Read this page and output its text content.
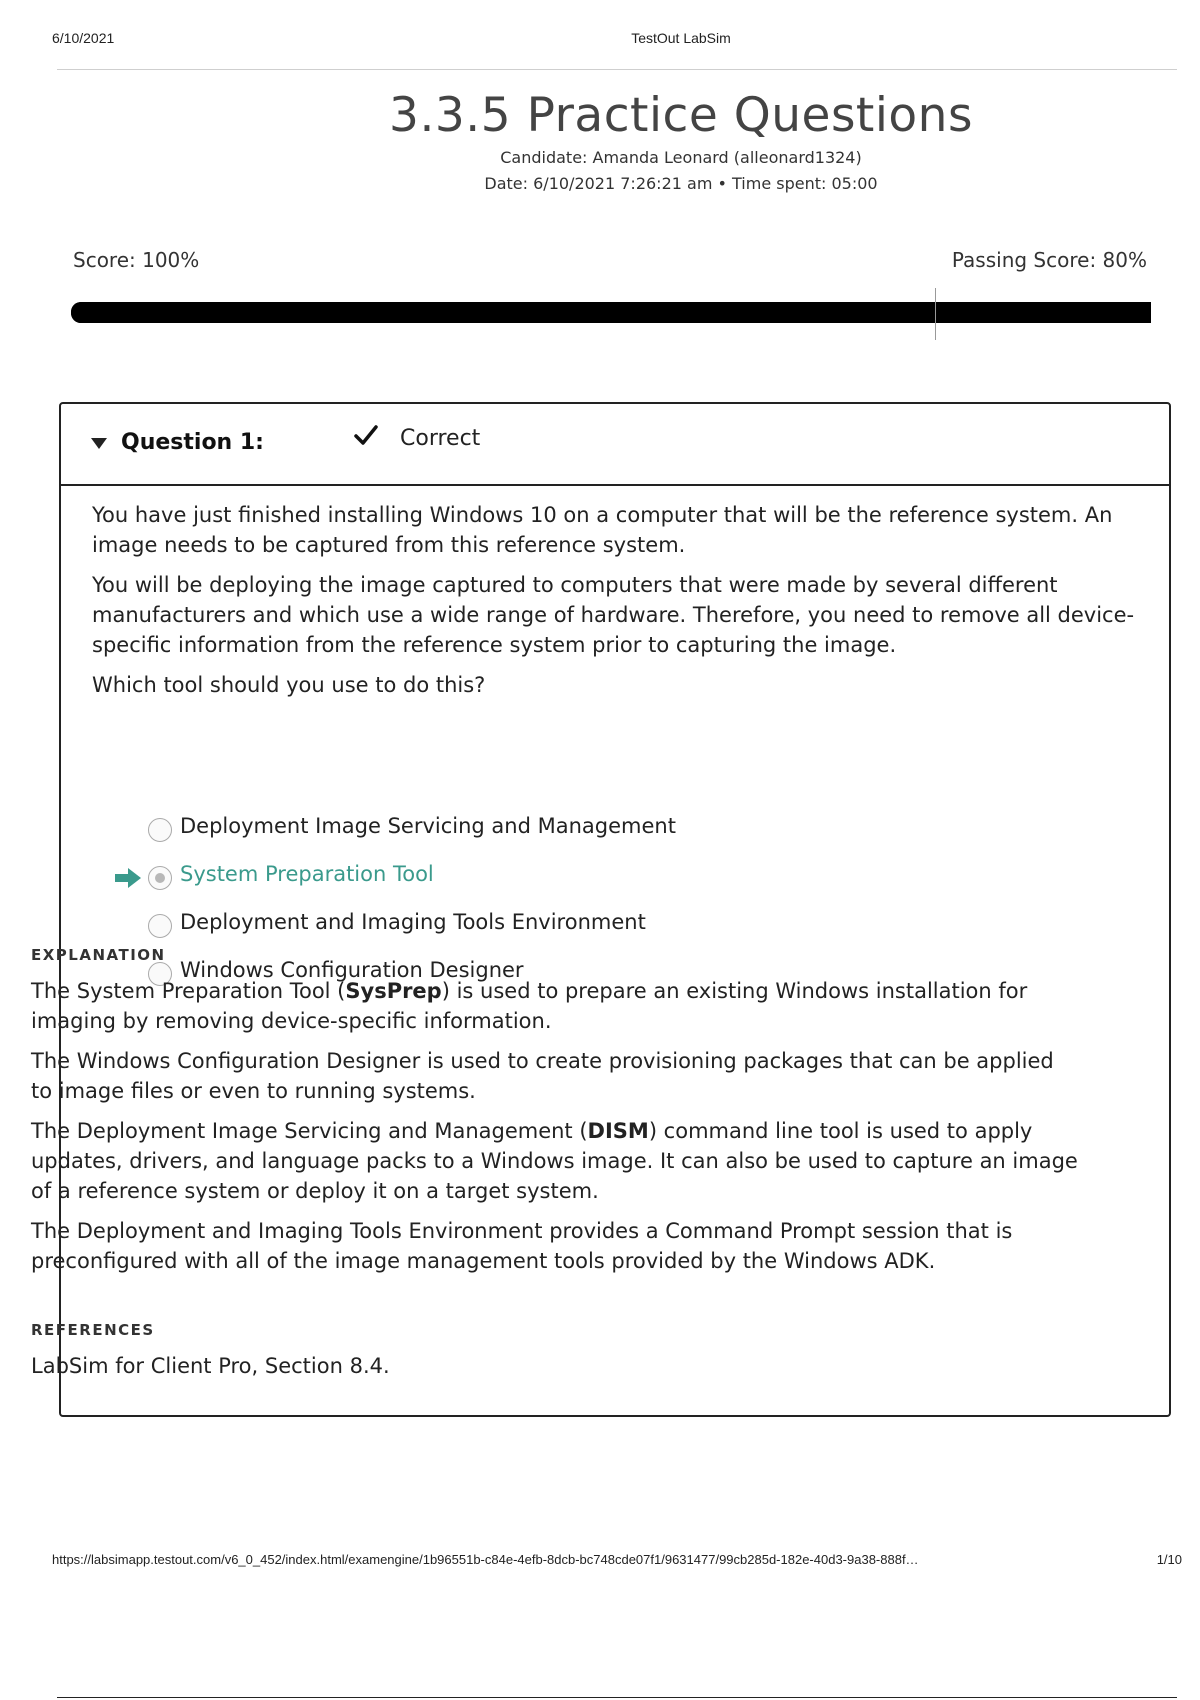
6/10/2021	TestOut LabSim
3.3.5 Practice Questions
Candidate: Amanda Leonard (alleonard1324)
Date: 6/10/2021 7:26:21 am • Time spent: 05:00
Score: 100%	Passing Score: 80%
Question 1:	Correct

You have just finished installing Windows 10 on a computer that will be the reference system. An image needs to be captured from this reference system.

You will be deploying the image captured to computers that were made by several different manufacturers and which use a wide range of hardware. Therefore, you need to remove all device-specific information from the reference system prior to capturing the image.

Which tool should you use to do this?

Deployment Image Servicing and Management
System Preparation Tool
Deployment and Imaging Tools Environment
Windows Configuration Designer
EXPLANATION

The System Preparation Tool (SysPrep) is used to prepare an existing Windows installation for imaging by removing device-specific information.

The Windows Configuration Designer is used to create provisioning packages that can be applied to image files or even to running systems.

The Deployment Image Servicing and Management (DISM) command line tool is used to apply updates, drivers, and language packs to a Windows image. It can also be used to capture an image of a reference system or deploy it on a target system.

The Deployment and Imaging Tools Environment provides a Command Prompt session that is preconfigured with all of the image management tools provided by the Windows ADK.

REFERENCES

LabSim for Client Pro, Section 8.4.

https://labsimapp.testout.com/v6_0_452/index.html/examengine/1b96551b-c84e-4efb-8dcb-bc748cde07f1/9631477/99cb285d-182e-40d3-9a38-888f…	1/10
